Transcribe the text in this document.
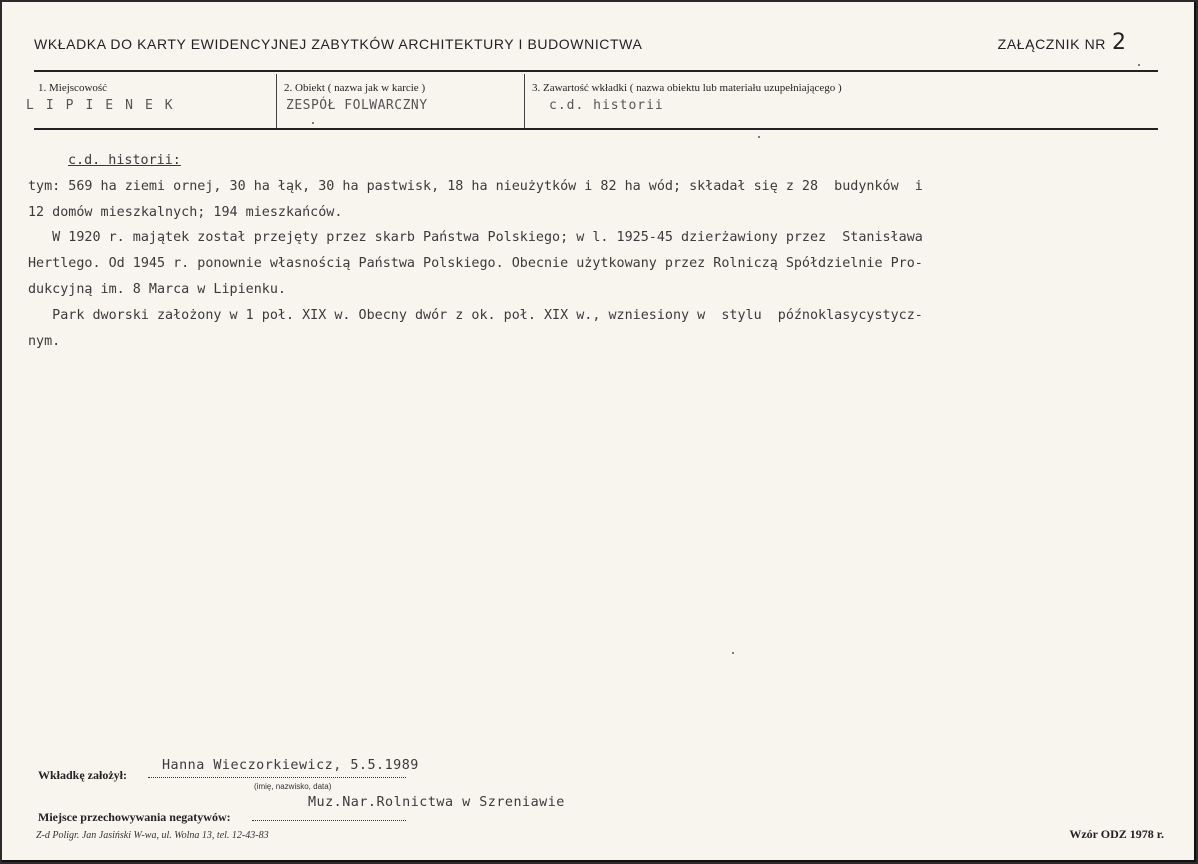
WKŁADKA DO KARTY EWIDENCYJNEJ ZABYTKÓW ARCHITEKTURY I BUDOWNICTWA	ZAŁĄCZNIK NR 2
1. Miejscowość
LIPIENEK
2. Obiekt ( nazwa jak w karcie )
ZESPÓŁ FOLWARCZNY
3. Zawartość wkładki ( nazwa obiektu lub materiału uzupełniającego )
c.d. historii
c.d. historii:
tym: 569 ha ziemi ornej, 30 ha łąk, 30 ha pastwisk, 18 ha nieużytków i 82 ha wód; składał się z 28  budynków  i
12 domów mieszkalnych; 194 mieszkańców.
W 1920 r. majątek został przejęty przez skarb Państwa Polskiego; w l. 1925-45 dzierżawiony przez  Stanisława
Hertlego. Od 1945 r. ponownie własnością Państwa Polskiego. Obecnie użytkowany przez Rolniczą Spółdzielnie Pro-
dukcyjną im. 8 Marca w Lipienku.
Park dworski założony w 1 poł. XIX w. Obecny dwór z ok. poł. XIX w., wzniesiony w  stylu  późnoklasycystycz-
nym.
Wkładkę założył:
Hanna Wieczorkiewicz, 5.5.1989
(imię, nazwisko, data)
Miejsce przechowywania negatywów:
Muz.Nar.Rolnictwa w Szreniawie
Z-d Poligr. Jan Jasiński W-wa, ul. Wolna 13, tel. 12-43-83	Wzór ODZ 1978 r.
